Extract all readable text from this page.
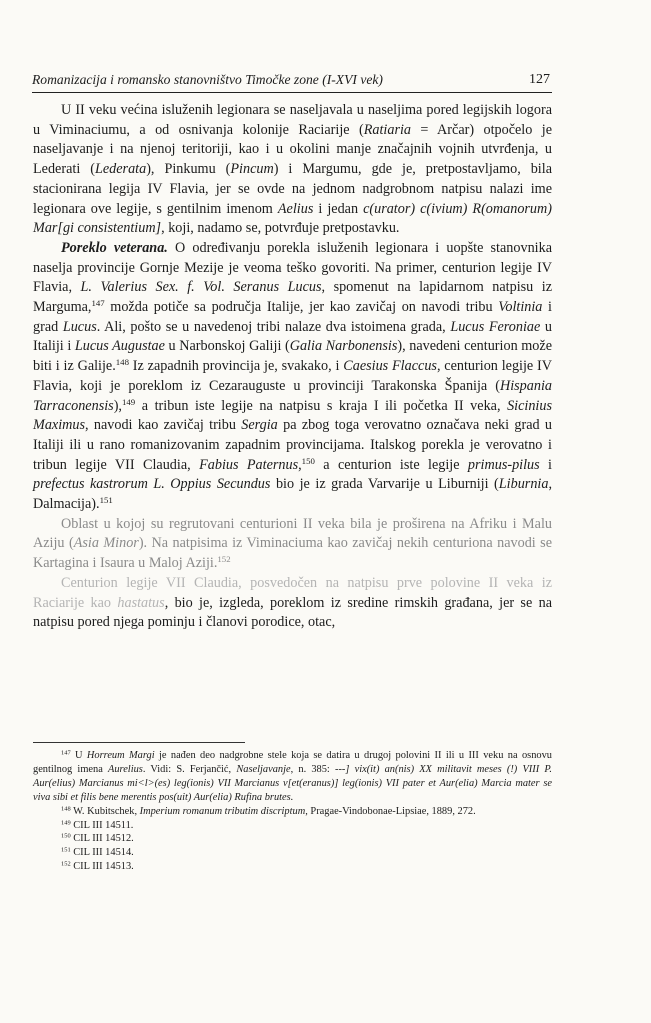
Romanizacija i romansko stanovništvo Timočke zone (I-XVI vek)	127

U II veku većina isluženih legionara se naseljavala u naseljima pored legijskih logora u Viminaciumu, a od osnivanja kolonije Raciarije (Ratiaria = Arčar) otpočelo je naseljavanje i na njenoj teritoriji, kao i u okolini manje značajnih vojnih utvrđenja, u Lederati (Lederata), Pinkumu (Pincum) i Margumu, gde je, pretpostavljamo, bila stacionirana legija IV Flavia, jer se ovde na jednom nadgrobnom natpisu nalazi ime legionara ove legije, s gentilnim imenom Aelius i jedan c(urator) c(ivium) R(omanorum) Mar[gi consistentium], koji, nadamo se, potvrđuje pretpostavku.

Poreklo veterana. O određivanju porekla isluženih legionara i uopšte stanovnika naselja provincije Gornje Mezije je veoma teško govoriti. Na primer, centurion legije IV Flavia, L. Valerius Sex. f. Vol. Seranus Lucus, spomenut na lapidarnom natpisu iz Marguma,$^{147}$ možda potiče sa područja Italije, jer kao zavičaj on navodi tribu Voltinia i grad Lucus. Ali, pošto se u navedenoj tribi nalaze dva istoimena grada, Lucus Feroniae u Italiji i Lucus Augustae u Narbonskoj Galiji (Galia Narbonensis), navedeni centurion može biti i iz Galije.$^{148}$ Iz zapadnih provincija je, svakako, i Caesius Flaccus, centurion legije IV Flavia, koji je poreklom iz Cezarauguste u provinciji Tarakonska Španija (Hispania Tarraconensis),$^{149}$ a tribun iste legije na natpisu s kraja I ili početka II veka, Sicinius Maximus, navodi kao zavičaj tribu Sergia pa zbog toga verovatno označava neki grad u Italiji ili u rano romanizovanim zapadnim provincijama. Italskog porekla je verovatno i tribun legije VII Claudia, Fabius Paternus,$^{150}$ a centurion iste legije primus-pilus i prefectus kastrorum L. Oppius Secundus bio je iz grada Varvarije u Liburniji (Liburnia, Dalmacija).$^{151}$

Oblast u kojoj su regrutovani centurioni II veka bila je proširena na Afriku i Malu Aziju (Asia Minor). Na natpisima iz Viminaciuma kao zavičaj nekih centuriona navodi se Kartagina i Isaura u Maloj Aziji.$^{152}$

Centurion legije VII Claudia, posvedočen na natpisu prve polovine II veka iz Raciarije kao hastatus, bio je, izgleda, poreklom iz sredine rimskih građana, jer se na natpisu pored njega pominju i članovi porodice, otac,

$^{147}$ U Horreum Margi je nađen deo nadgrobne stele koja se datira u drugoj polovini II ili u III veku na osnovu gentilnog imena Aurelius. Vidi: S. Ferjančić, Naseljavanje, n. 385: ---] vix(it) an(nis) XX militavit meses (!) VIII P. Aur(elius) Marcianus mi<l>(es) leg(ionis) VII Marcianus v[et(eranus)] leg(ionis) VII pater et Aur(elia) Marcia mater se viva sibi et filis bene merentis pos(uit) Aur(elia) Rufina brutes.

$^{148}$ W. Kubitschek, Imperium romanum tributim discriptum, Pragae-Vindobonae-Lipsiae, 1889, 272.

$^{149}$ CIL III 14511.

$^{150}$ CIL III 14512.

$^{151}$ CIL III 14514.

$^{152}$ CIL III 14513.
